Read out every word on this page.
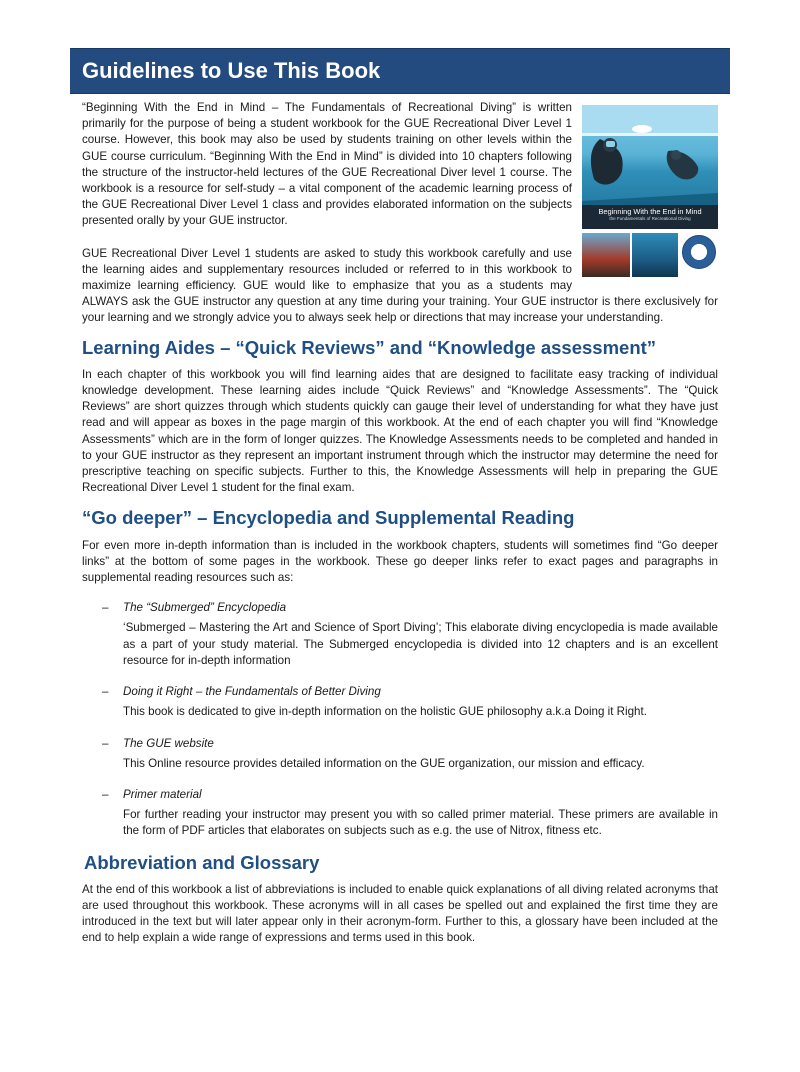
Guidelines to Use This Book
Beginning With the End in Mind
the Fundamentals of Recreational Diving

“Beginning With the End in Mind – The Fundamentals of Recreational Diving” is written primarily for the purpose of being a student workbook for the GUE Recreational Diver Level 1 course. However, this book may also be used by students training on other levels within the GUE course curriculum. “Beginning With the End in Mind” is divided into 10 chapters following the structure of the instructor-held lectures of the GUE Recreational Diver level 1 course. The workbook is a resource for self-study – a vital component of the academic learning process of the GUE Recreational Diver Level 1 class and provides elaborated information on the subjects presented orally by your GUE instructor.

GUE Recreational Diver Level 1 students are asked to study this workbook carefully and use the learning aides and supplementary resources included or referred to in this workbook to maximize learning efficiency. GUE would like to emphasize that you as a students may ALWAYS ask the GUE instructor any question at any time during your training. Your GUE instructor is there exclusively for your learning and we strongly advice you to always seek help or directions that may increase your understanding.

Learning Aides – “Quick Reviews” and “Knowledge assessment”

In each chapter of this workbook you will find learning aides that are designed to facilitate easy tracking of individual knowledge development. These learning aides include “Quick Reviews” and “Knowledge Assessments”. The “Quick Reviews” are short quizzes through which students quickly can gauge their level of understanding for what they have just read and will appear as boxes in the page margin of this workbook. At the end of each chapter you will find “Knowledge Assessments” which are in the form of longer quizzes. The Knowledge Assessments needs to be completed and handed in to your GUE instructor as they represent an important instrument through which the instructor may determine the need for prescriptive teaching on specific subjects. Further to this, the Knowledge Assessments will help in preparing the GUE Recreational Diver Level 1 student for the final exam.

“Go deeper” – Encyclopedia and Supplemental Reading

For even more in-depth information than is included in the workbook chapters, students will sometimes find “Go deeper links” at the bottom of some pages in the workbook. These go deeper links refer to exact pages and paragraphs in supplemental reading resources such as:

– The “Submerged” Encyclopedia
‘Submerged – Mastering the Art and Science of Sport Diving’; This elaborate diving encyclopedia is made available as a part of your study material. The Submerged encyclopedia is divided into 12 chapters and is an excellent resource for in-depth information
– Doing it Right – the Fundamentals of Better Diving
This book is dedicated to give in-depth information on the holistic GUE philosophy a.k.a Doing it Right.
– The GUE website
This Online resource provides detailed information on the GUE organization, our mission and efficacy.
– Primer material
For further reading your instructor may present you with so called primer material. These primers are available in the form of PDF articles that elaborates on subjects such as e.g. the use of Nitrox, fitness etc.
Abbreviation and Glossary

At the end of this workbook a list of abbreviations is included to enable quick explanations of all diving related acronyms that are used throughout this workbook. These acronyms will in all cases be spelled out and explained the first time they are introduced in the text but will later appear only in their acronym-form. Further to this, a glossary have been included at the end to help explain a wide range of expressions and terms used in this book.
